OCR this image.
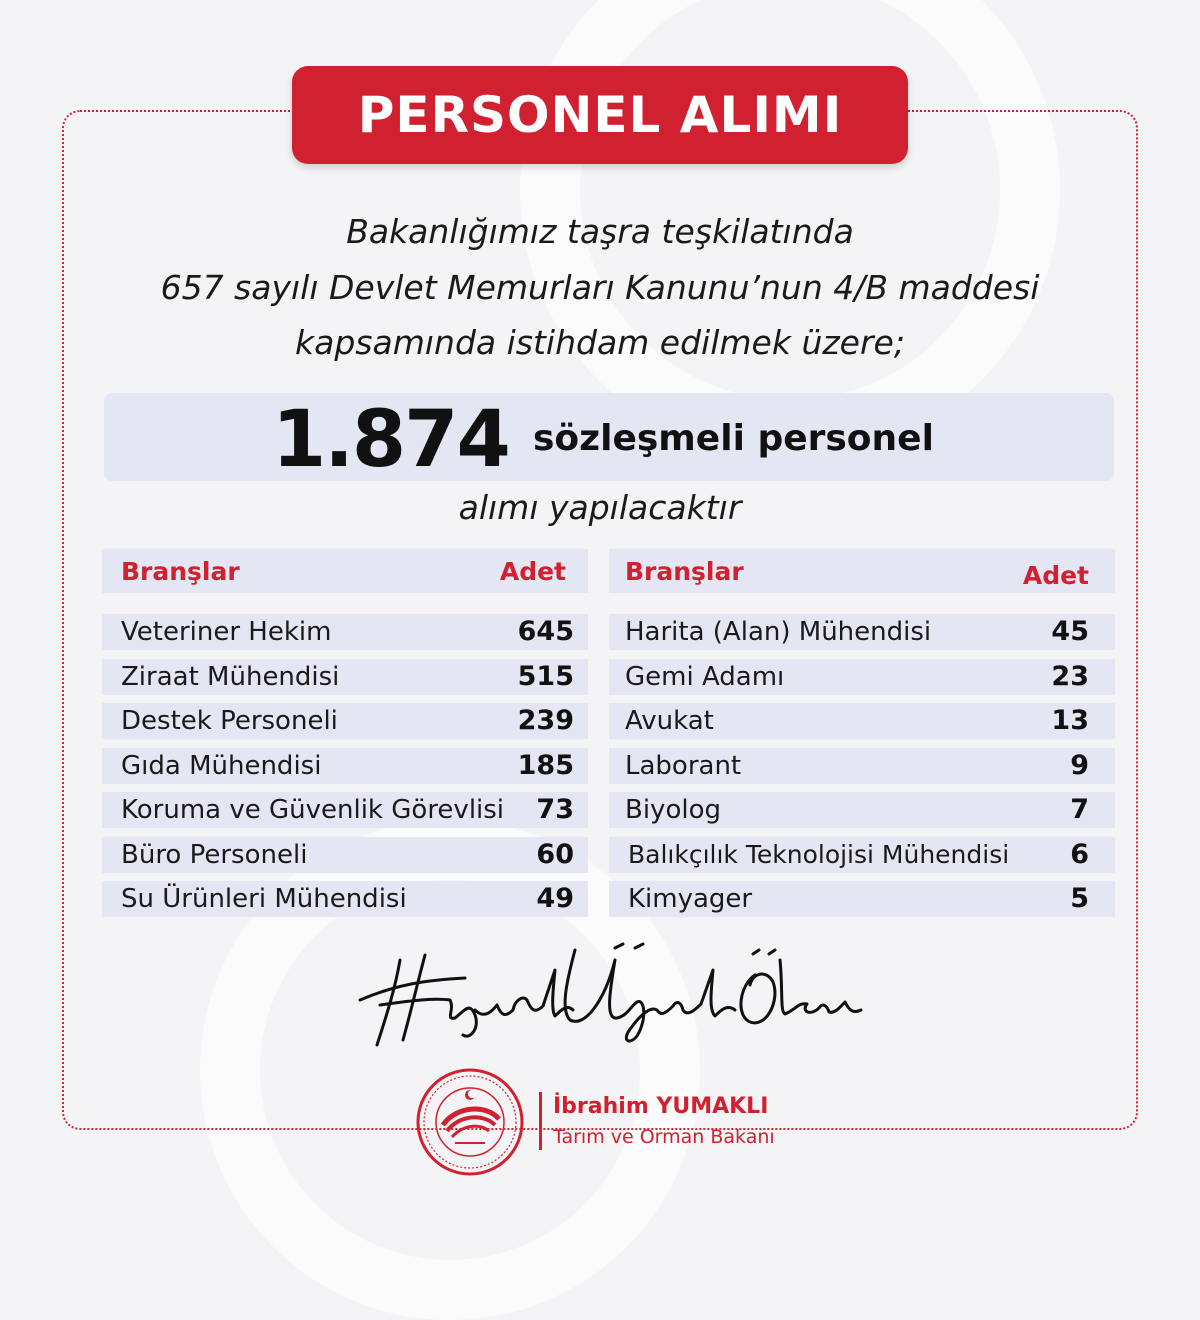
PERSONEL ALIMI
Bakanlığımız taşra teşkilatında
657 sayılı Devlet Memurları Kanunu’nun 4/B maddesi
kapsamında istihdam edilmek üzere;
1.874 sözleşmeli personel
alımı yapılacaktır
Branşlar	Adet
Veteriner Hekim	645
Ziraat Mühendisi	515
Destek Personeli	239
Gıda Mühendisi	185
Koruma ve Güvenlik Görevlisi 73
Büro Personeli	60
Su Ürünleri Mühendisi	49
Branşlar	Adet
Harita (Alan) Mühendisi	45
Gemi Adamı	23
Avukat	13
Laborant	9
Biyolog	7
Balıkçılık Teknolojisi Mühendisi 6
Kimyager	5
İbrahim YUMAKLI
Tarım ve Orman Bakanı
